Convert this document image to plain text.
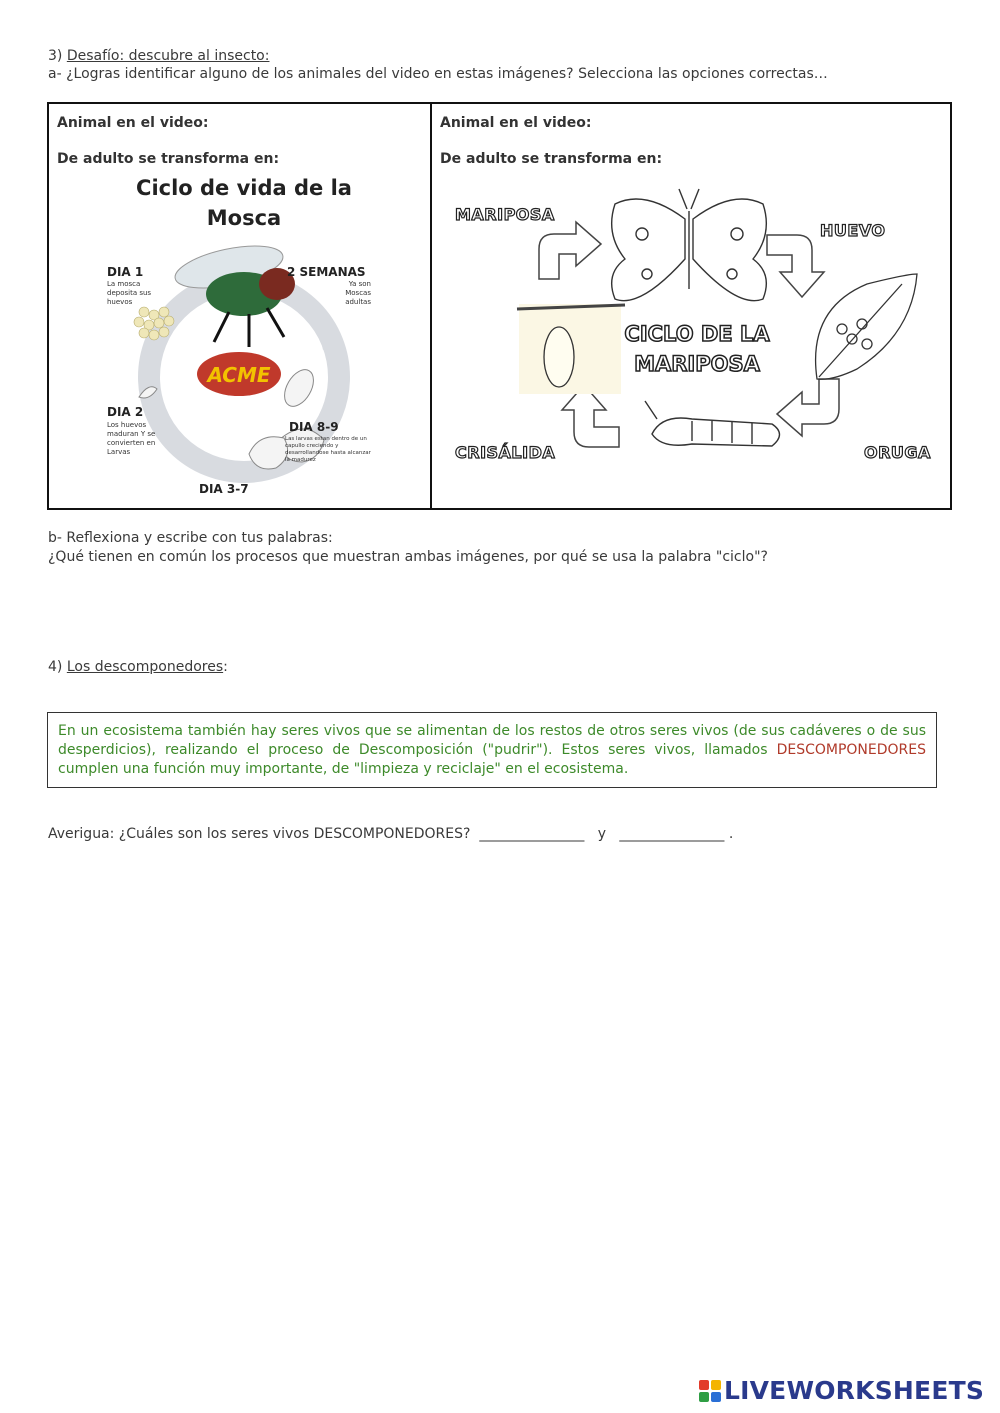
3) Desafío: descubre al insecto:
a- ¿Logras identificar alguno de los animales del video en estas imágenes? Selecciona las opciones correctas…
Animal en el video:
De adulto se transforma en:
Ciclo de vida de la
Mosca
ACME
DIA 1
La mosca deposita sus huevos
2 SEMANAS
Ya son Moscas adultas
DIA 2
Los huevos maduran Y se convierten en Larvas
DIA 8-9
Las larvas estan dentro de un capullo creciendo y desarrollandose hasta alcanzar la madurez
DIA 3-7

Animal en el video:
De adulto se transforma en:
MARIPOSA
HUEVO
ORUGA
CRISÁLIDA
CICLO DE LA
MARIPOSA
b- Reflexiona y escribe con tus palabras:
¿Qué tienen en común los procesos que muestran ambas imágenes, por qué se usa la palabra "ciclo"?
4) Los descomponedores:
En un ecosistema también hay seres vivos que se alimentan de los restos de otros seres vivos (de sus cadáveres o de sus desperdicios), realizando el proceso de Descomposición ("pudrir"). Estos seres vivos, llamados DESCOMPONEDORES cumplen una función muy importante, de "limpieza y reciclaje" en el ecosistema.
Averigua: ¿Cuáles son los seres vivos DESCOMPONEDORES? _______________ y _______________ .
LIVEWORKSHEETS
